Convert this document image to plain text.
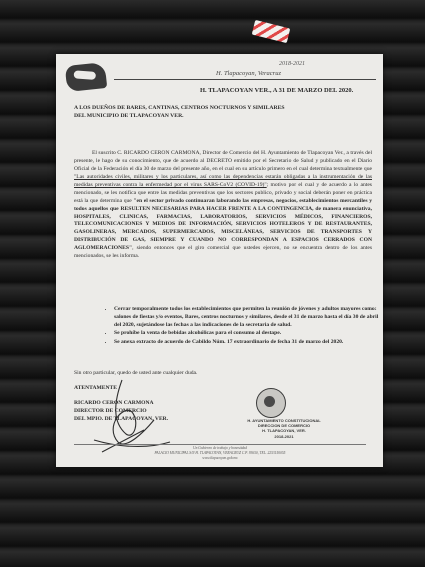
2018-2021
H. Tlapacoyan, Veracruz
H. TLAPACOYAN VER., A 31 DE MARZO DEL 2020.
A LOS DUEÑOS DE BARES, CANTINAS, CENTROS NOCTURNOS Y SIMILARES
DEL MUNICIPIO DE TLAPACOYAN VER.
El suscrito C. RICARDO CERON CARMONA, Director de Comercio del H. Ayuntamiento de Tlapacoyan Ver., a través del presente, le hago de su conocimiento, que de acuerdo al DECRETO emitido por el Secretario de Salud y publicado en el Diario Oficial de la Federación el día 30 de marzo del presente año, en el cual en su artículo primero en el cual determina textualmente que "Las autoridades civiles, militares y los particulares, así como las dependencias estarán obligadas a la instrumentación de las medidas preventivas contra la enfermedad por el virus SARS-CoV2 (COVID-19)"; motivo por el cual y de acuerdo a lo antes mencionado, se les notifica que entre las medidas preventivas que los sectores publico, privado y social deberán poner en práctica está la que determina que "en el sector privado continuaran laborando las empresas, negocios, establecimientos mercantiles y todos aquellos que RESULTEN NECESARIAS PARA HACER FRENTE A LA CONTINGENCIA, de manera enunciativa, HOSPITALES, CLINICAS, FARMACIAS, LABORATORIOS, SERVICIOS MÉDICOS, FINANCIEROS, TELECOMUNICACIONES Y MEDIOS DE INFORMACIÓN, SERVICIOS HOTELEROS Y DE RESTAURANTES, GASOLINERAS, MERCADOS, SUPERMERCADOS, MISCELÁNEAS, SERVICIOS DE TRANSPORTES Y DISTRIBUCIÓN DE GAS, SIEMPRE Y CUANDO NO CORRESPONDAN A ESPACIOS CERRADOS CON AGLOMERACIONES", siendo entonces que el giro comercial que ustedes ejercen, no se encuentra dentro de los antes mencionados, se les informa.
• Cerrar temporalmente todos los establecimientos que permiten la reunión de jóvenes y adultos mayores como: salones de fiestas y/o eventos, Bares, centros nocturnos y similares, desde el 31 de marzo hasta el día 30 de abril del 2020, sujetándose las fechas a las indicaciones de la secretaria de salud.
• Se prohíbe la venta de bebidas alcohólicas para el consumo al destape.
• Se anexa extracto de acuerdo de Cabildo Núm. 17 extraordinario de fecha 31 de marzo del 2020.
Sin otro particular, quedo de usted ante cualquier duda.
ATENTAMENTE
RICARDO CERON CARMONA
DIRECTOR DE COMERCIO
DEL MPIO. DE TLAPACOYAN, VER.	H. AYUNTAMIENTO CONSTITUCIONAL
DIRECCION DE COMERCIO
H. TLAPACOYAN, VER.
2018-2021
Un Gobierno de trabajo y honestidad
PALACIO MUNICIPAL S/N H. TLAPACOYAN, VERACRUZ C.P. 93650, TEL. 2253150055
www.tlapacoyan.gob.mx
